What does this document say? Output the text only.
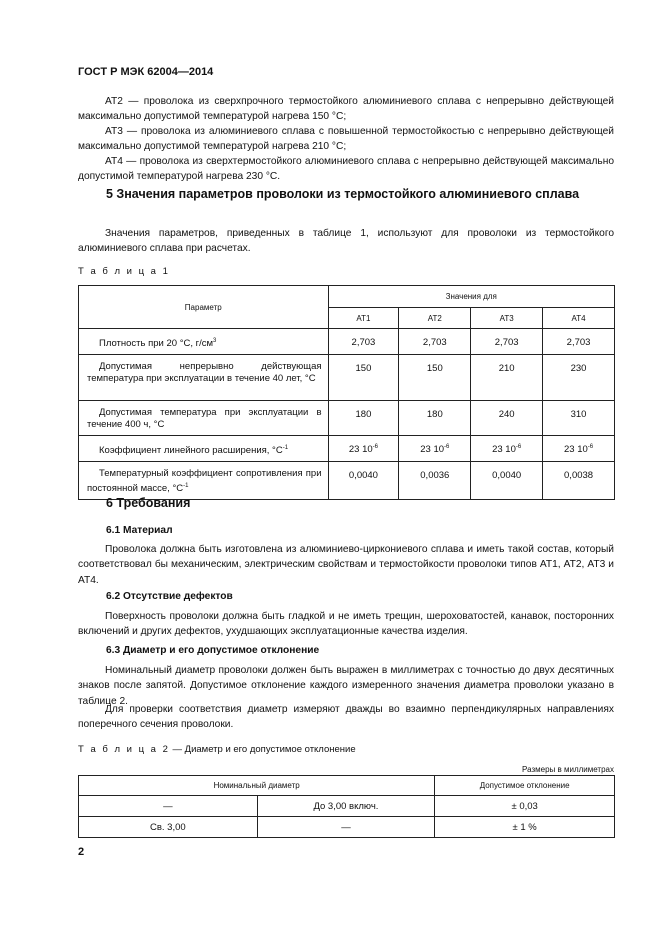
ГОСТ Р МЭК 62004—2014

АТ2 — проволока из сверхпрочного термостойкого алюминиевого сплава с непрерывно действующей максимально допустимой температурой нагрева 150 °С;

АТ3 — проволока из алюминиевого сплава с повышенной термостойкостью с непрерывно действующей максимально допустимой температурой нагрева 210 °С;

АТ4 — проволока из сверхтермостойкого алюминиевого сплава с непрерывно действующей максимально допустимой температурой нагрева 230 °С.

5 Значения параметров проволоки из термостойкого алюминиевого сплава

Значения параметров, приведенных в таблице 1, используют для проволоки из термостойкого алюминиевого сплава при расчетах.

Т а б л и ц а 1
Параметр	Значения для			
	АТ1	АТ2	АТ3	АТ4
Плотность при 20 °С, $г/см^3$	2,703	2,703	2,703	2,703
Допустимая непрерывно действующая температура при эксплуатации в течение 40 лет, °С	150	150	210	230
Допустимая температура при эксплуатации в течение 400 ч, °С	180	180	240	310
Коэффициент линейного расширения, $^\circ С^{-1}$	23 $10^{-6}$	23 $10^{-6}$	23 $10^{-6}$	23 $10^{-6}$
Температурный коэффициент сопротивления при постоянной массе, $^\circ С^{-1}$	0,0040	0,0036	0,0040	0,0038
6 Требования
6.1 Материал

Проволока должна быть изготовлена из алюминиево-циркониевого сплава и иметь такой состав, который соответствовал бы механическим, электрическим свойствам и термостойкости проволоки типов АТ1, АТ2, АТ3 и АТ4.

6.2 Отсутствие дефектов

Поверхность проволоки должна быть гладкой и не иметь трещин, шероховатостей, канавок, посторонних включений и других дефектов, ухудшающих эксплуатационные качества изделия.

6.3 Диаметр и его допустимое отклонение

Номинальный диаметр проволоки должен быть выражен в миллиметрах с точностью до двух десятичных знаков после запятой. Допустимое отклонение каждого измеренного значения диаметра проволоки указано в таблице 2.

Для проверки соответствия диаметр измеряют дважды во взаимно перпендикулярных направлениях поперечного сечения проволоки.

Т а б л и ц а 2 — Диаметр и его допустимое отклонение
Размеры в миллиметрах
Номинальный диаметр		Допустимое отклонение
—	До 3,00 включ.	± 0,03
Св. 3,00	—	± 1 %
2
